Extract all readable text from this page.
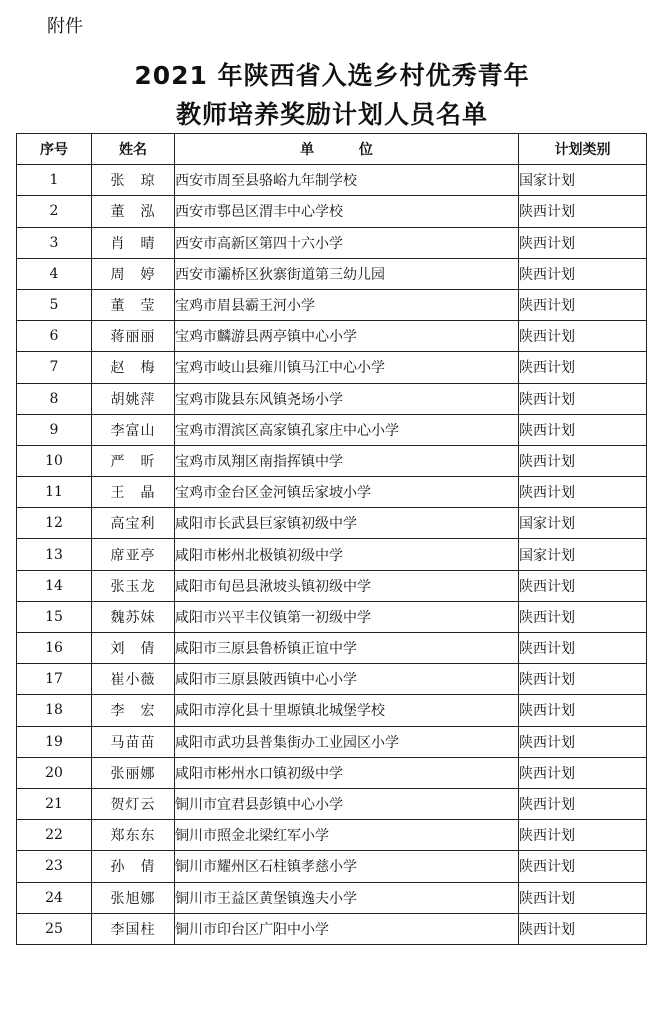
附件
2021 年陕西省入选乡村优秀青年
教师培养奖励计划人员名单
序号	姓名	单 位	计划类别
1	张　琼	西安市周至县骆峪九年制学校	国家计划
2	董　泓	西安市鄠邑区渭丰中心学校	陕西计划
3	肖　晴	西安市高新区第四十六小学	陕西计划
4	周　婷	西安市灞桥区狄寨街道第三幼儿园	陕西计划
5	董　莹	宝鸡市眉县霸王河小学	陕西计划
6	蒋丽丽	宝鸡市麟游县两亭镇中心小学	陕西计划
7	赵　梅	宝鸡市岐山县雍川镇马江中心小学	陕西计划
8	胡姚萍	宝鸡市陇县东风镇尧场小学	陕西计划
9	李富山	宝鸡市渭滨区高家镇孔家庄中心小学	陕西计划
10	严　昕	宝鸡市凤翔区南指挥镇中学	陕西计划
11	王　晶	宝鸡市金台区金河镇岳家坡小学	陕西计划
12	高宝利	咸阳市长武县巨家镇初级中学	国家计划
13	席亚亭	咸阳市彬州北极镇初级中学	国家计划
14	张玉龙	咸阳市旬邑县湫坡头镇初级中学	陕西计划
15	魏苏妹	咸阳市兴平丰仪镇第一初级中学	陕西计划
16	刘　倩	咸阳市三原县鲁桥镇正谊中学	陕西计划
17	崔小薇	咸阳市三原县陂西镇中心小学	陕西计划
18	李　宏	咸阳市淳化县十里塬镇北城堡学校	陕西计划
19	马苗苗	咸阳市武功县普集街办工业园区小学	陕西计划
20	张丽娜	咸阳市彬州水口镇初级中学	陕西计划
21	贺灯云	铜川市宜君县彭镇中心小学	陕西计划
22	郑东东	铜川市照金北梁红军小学	陕西计划
23	孙　倩	铜川市耀州区石柱镇孝慈小学	陕西计划
24	张旭娜	铜川市王益区黄堡镇逸夫小学	陕西计划
25	李国柱	铜川市印台区广阳中小学	陕西计划
